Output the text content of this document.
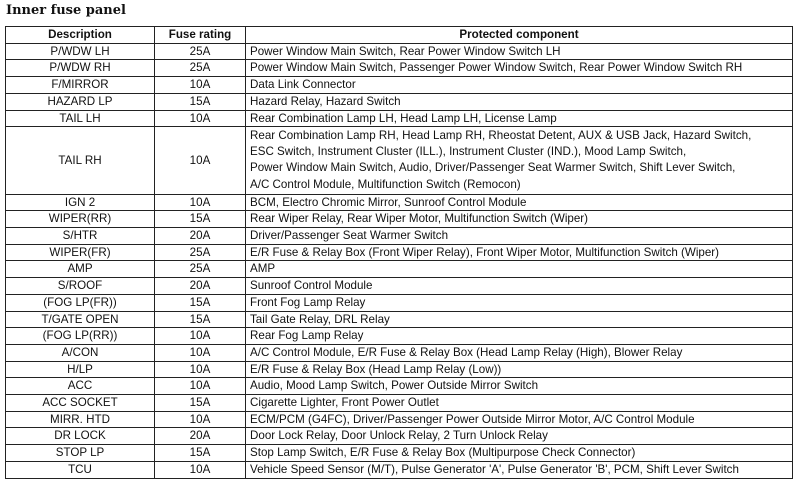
Inner fuse panel
Description	Fuse rating	Protected component
P/WDW LH	25A	Power Window Main Switch, Rear Power Window Switch LH

P/WDW RH	25A	Power Window Main Switch, Passenger Power Window Switch, Rear Power Window Switch RH

F/MIRROR	10A	Data Link Connector

HAZARD LP	15A	Hazard Relay, Hazard Switch

TAIL LH	10A	Rear Combination Lamp LH, Head Lamp LH, License Lamp

TAIL RH	10A	Rear Combination Lamp RH, Head Lamp RH, Rheostat Detent, AUX & USB Jack, Hazard Switch,
ESC Switch, Instrument Cluster (ILL.), Instrument Cluster (IND.), Mood Lamp Switch,
Power Window Main Switch, Audio, Driver/Passenger Seat Warmer Switch, Shift Lever Switch,
A/C Control Module, Multifunction Switch (Remocon)

IGN 2	10A	BCM, Electro Chromic Mirror, Sunroof Control Module

WIPER(RR)	15A	Rear Wiper Relay, Rear Wiper Motor, Multifunction Switch (Wiper)

S/HTR	20A	Driver/Passenger Seat Warmer Switch

WIPER(FR)	25A	E/R Fuse & Relay Box (Front Wiper Relay), Front Wiper Motor, Multifunction Switch (Wiper)

AMP	25A	AMP

S/ROOF	20A	Sunroof Control Module

(FOG LP(FR))	15A	Front Fog Lamp Relay

T/GATE OPEN	15A	Tail Gate Relay, DRL Relay

(FOG LP(RR))	10A	Rear Fog Lamp Relay

A/CON	10A	A/C Control Module, E/R Fuse & Relay Box (Head Lamp Relay (High), Blower Relay

H/LP	10A	E/R Fuse & Relay Box (Head Lamp Relay (Low))

ACC	10A	Audio, Mood Lamp Switch, Power Outside Mirror Switch

ACC SOCKET	15A	Cigarette Lighter, Front Power Outlet

MIRR. HTD	10A	ECM/PCM (G4FC), Driver/Passenger Power Outside Mirror Motor, A/C Control Module

DR LOCK	20A	Door Lock Relay, Door Unlock Relay, 2 Turn Unlock Relay

STOP LP	15A	Stop Lamp Switch, E/R Fuse & Relay Box (Multipurpose Check Connector)

TCU	10A	Vehicle Speed Sensor (M/T), Pulse Generator 'A', Pulse Generator 'B', PCM, Shift Lever Switch
